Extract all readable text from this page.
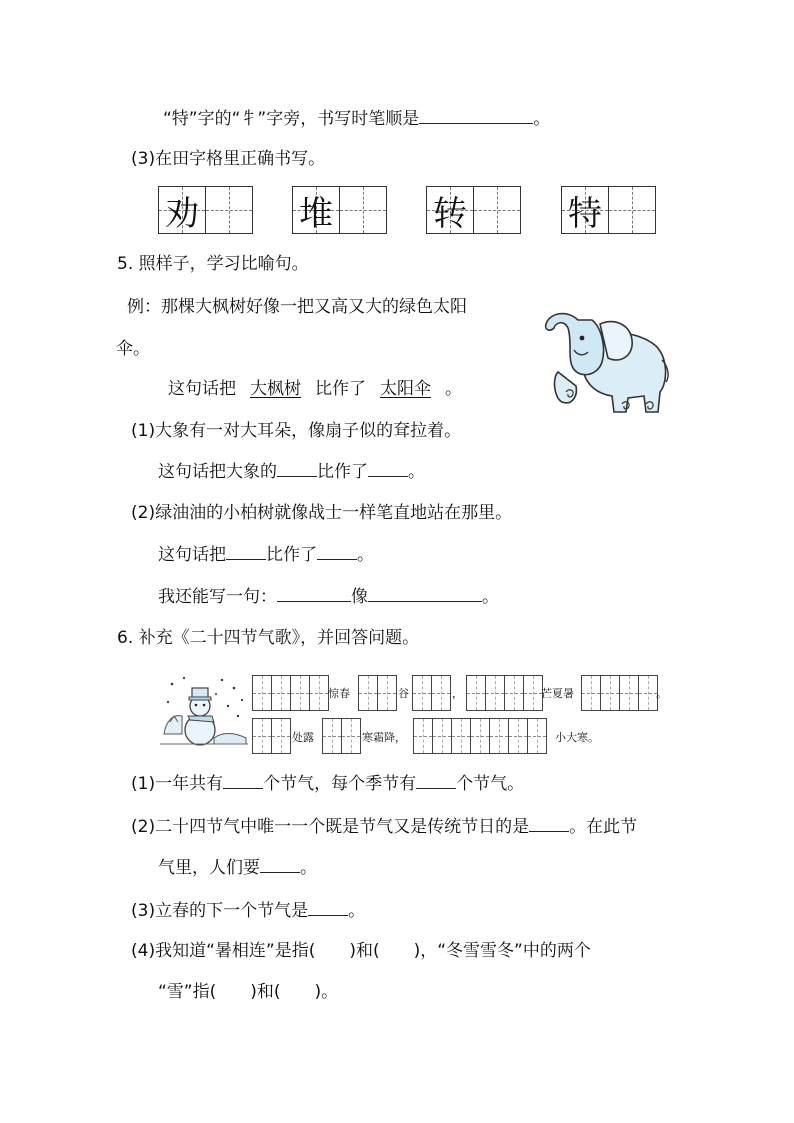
“特”字的“牜”字旁，书写时笔顺是	。
(3)在田字格里正确书写。
劝	堆	转	特
5. 照样子，学习比喻句。
例：那棵大枫树好像一把又高又大的绿色太阳
伞。
这句话把 大枫树 比作了 太阳伞 。
(1)大象有一对大耳朵，像扇子似的耷拉着。
这句话把大象的 比作了 。
(2)绿油油的小柏树就像战士一样笔直地站在那里。
这句话把 比作了 。
我还能写一句：	像	。
6. 补充《二十四节气歌》，并回答问题。
惊春	谷	，	芒夏暑	。
处露	寒霜降，	小大寒。
(1)一年共有 个节气，每个季节有 个节气。
(2)二十四节气中唯一一个既是节气又是传统节日的是 。在此节
气里，人们要 。
(3)立春的下一个节气是 。
(4)我知道“暑相连”是指(　　)和(　　)，“冬雪雪冬”中的两个
“雪”指(　　)和(　　)。
